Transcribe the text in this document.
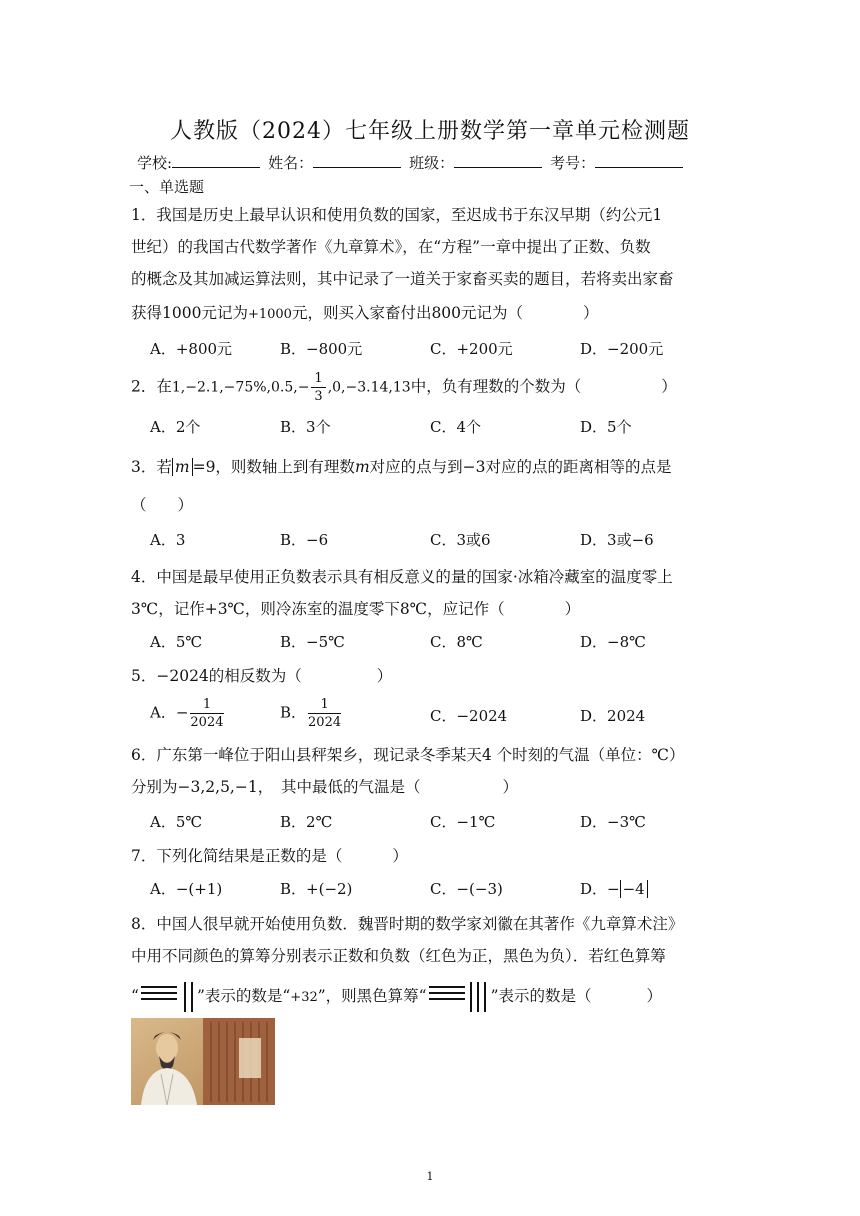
人教版（2024）七年级上册数学第一章单元检测题
学校:	姓名：	班级：	考号：
一、单选题
1．我国是历史上最早认识和使用负数的国家，至迟成书于东汉早期（约公元1
世纪）的我国古代数学著作《九章算术》，在“方程”一章中提出了正数、负数
的概念及其加减运算法则，其中记录了一道关于家畜买卖的题目，若将卖出家畜
获得1000元记为+1000元，则买入家畜付出800元记为（	）
A．+800元	B．−800元	C．+200元	D．−200元
2．在$1,-2.1,-75\%,0.5,- \frac{1}{3} ,0,-3.14,13$中，负有理数的个数为（	）
A．2个	B．3个	C．4个	D．5个
3．若 m =9，则数轴上到有理数m对应的点与到−3对应的点的距离相等的点是
（　　）
A．3	B．−6	C．3或6	D．3或−6
4．中国是最早使用正负数表示具有相反意义的量的国家·冰箱冷藏室的温度零上
3℃，记作+3℃，则冷冻室的温度零下8℃，应记作（	）
A．5℃	B．−5℃	C．8℃	D．−8℃
5．−2024的相反数为（	）
A．− $\frac{1}{2024}$	B． $\frac{1}{2024}$	C．−2024	D．2024
6．广东第一峰位于阳山县秤架乡，现记录冬季某天4 个时刻的气温（单位：℃）
分别为−3,2,5,−1，　其中最低的气温是（	）
A．5℃	B．2℃	C．−1℃	D．−3℃
7．下列化简结果是正数的是（	）
A．−(+1)	B．+(−2)	C．−(−3)	D．− −4
8．中国人很早就开始使用负数．魏晋时期的数学家刘徽在其著作《九章算术注》
中用不同颜色的算筹分别表示正数和负数（红色为正，黑色为负）．若红色算筹
“	”表示的数是“+32”，则黑色算筹“	”表示的数是（	）
1
